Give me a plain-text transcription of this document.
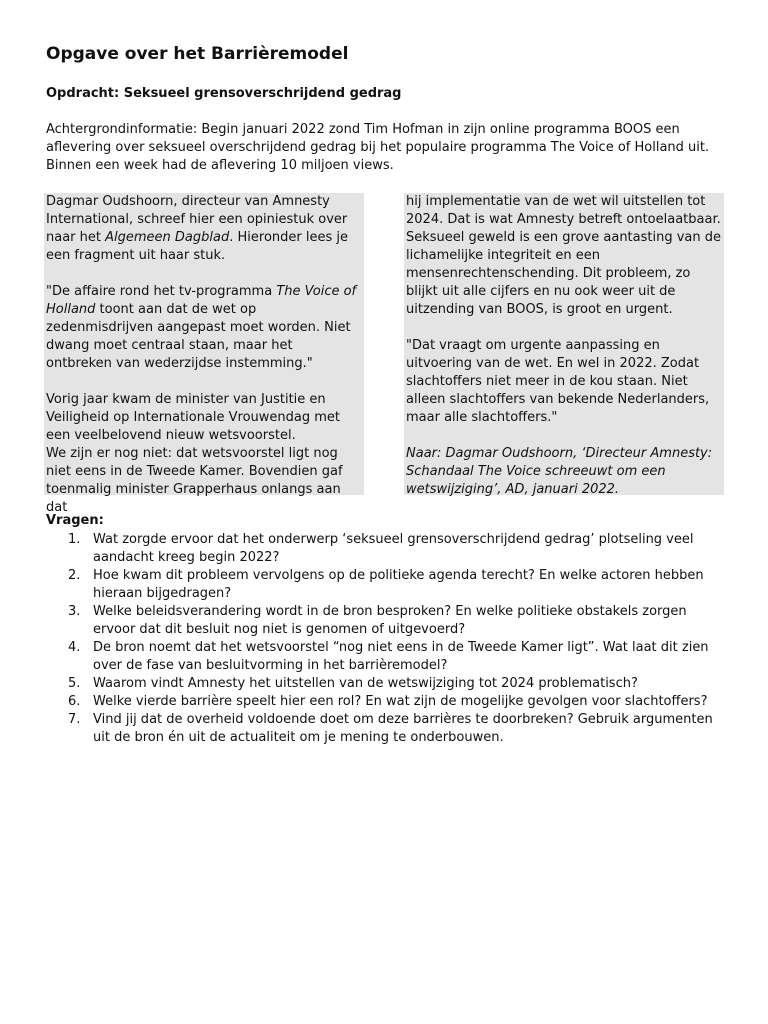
Opgave over het Barrièremodel
Opdracht: Seksueel grensoverschrijdend gedrag

Achtergrondinformatie: Begin januari 2022 zond Tim Hofman in zijn online programma BOOS een aflevering over seksueel overschrijdend gedrag bij het populaire programma The Voice of Holland uit. Binnen een week had de aflevering 10 miljoen views.

Dagmar Oudshoorn, directeur van Amnesty International, schreef hier een opiniestuk over naar het Algemeen Dagblad. Hieronder lees je een fragment uit haar stuk.

"De affaire rond het tv-programma The Voice of Holland toont aan dat de wet op zedenmisdrijven aangepast moet worden. Niet dwang moet centraal staan, maar het ontbreken van wederzijdse instemming."

Vorig jaar kwam de minister van Justitie en Veiligheid op Internationale Vrouwendag met een veelbelovend nieuw wetsvoorstel.

We zijn er nog niet: dat wetsvoorstel ligt nog niet eens in de Tweede Kamer. Bovendien gaf toenmalig minister Grapperhaus onlangs aan dat

hij implementatie van de wet wil uitstellen tot 2024. Dat is wat Amnesty betreft ontoelaatbaar. Seksueel geweld is een grove aantasting van de lichamelijke integriteit en een mensenrechtenschending. Dit probleem, zo blijkt uit alle cijfers en nu ook weer uit de uitzending van BOOS, is groot en urgent.

"Dat vraagt om urgente aanpassing en uitvoering van de wet. En wel in 2022. Zodat slachtoffers niet meer in de kou staan. Niet alleen slachtoffers van bekende Nederlanders, maar alle slachtoffers."

Naar: Dagmar Oudshoorn, ‘Directeur Amnesty: Schandaal The Voice schreeuwt om een wetswijziging’, AD, januari 2022.

Vragen:
1. Wat zorgde ervoor dat het onderwerp ‘seksueel grensoverschrijdend gedrag’ plotseling veel aandacht kreeg begin 2022?
2. Hoe kwam dit probleem vervolgens op de politieke agenda terecht? En welke actoren hebben hieraan bijgedragen?
3. Welke beleidsverandering wordt in de bron besproken? En welke politieke obstakels zorgen ervoor dat dit besluit nog niet is genomen of uitgevoerd?
4. De bron noemt dat het wetsvoorstel “nog niet eens in de Tweede Kamer ligt”. Wat laat dit zien over de fase van besluitvorming in het barrièremodel?
5. Waarom vindt Amnesty het uitstellen van de wetswijziging tot 2024 problematisch?
6. Welke vierde barrière speelt hier een rol? En wat zijn de mogelijke gevolgen voor slachtoffers?
7. Vind jij dat de overheid voldoende doet om deze barrières te doorbreken? Gebruik argumenten uit de bron én uit de actualiteit om je mening te onderbouwen.
